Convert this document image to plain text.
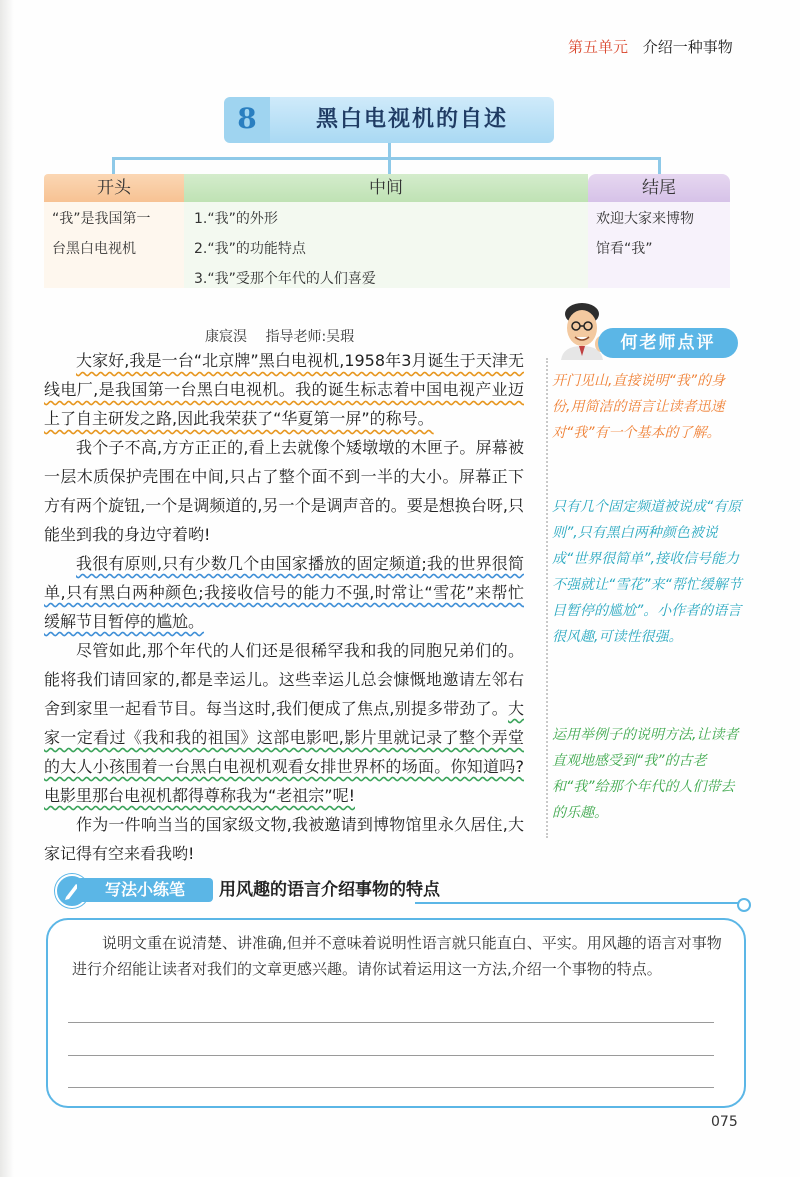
第五单元 介绍一种事物
8	黑白电视机的自述
开头	中间	结尾
“我”是我国第一
台黑白电视机
1.“我”的外形
2.“我”的功能特点
3.“我”受那个年代的人们喜爱
欢迎大家来博物
馆看“我”
康宸淏 指导老师:吴瑕

大家好,我是一台“北京牌”黑白电视机,1958年3月诞生于天津无线电厂,是我国第一台黑白电视机。我的诞生标志着中国电视产业迈上了自主研发之路,因此我荣获了“华夏第一屏”的称号。

我个子不高,方方正正的,看上去就像个矮墩墩的木匣子。屏幕被一层木质保护壳围在中间,只占了整个面不到一半的大小。屏幕正下方有两个旋钮,一个是调频道的,另一个是调声音的。要是想换台呀,只能坐到我的身边守着哟!

我很有原则,只有少数几个由国家播放的固定频道;我的世界很简单,只有黑白两种颜色;我接收信号的能力不强,时常让“雪花”来帮忙缓解节目暂停的尴尬。

尽管如此,那个年代的人们还是很稀罕我和我的同胞兄弟们的。能将我们请回家的,都是幸运儿。这些幸运儿总会慷慨地邀请左邻右舍到家里一起看节目。每当这时,我们便成了焦点,别提多带劲了。大家一定看过《我和我的祖国》这部电影吧,影片里就记录了整个弄堂的大人小孩围着一台黑白电视机观看女排世界杯的场面。你知道吗?电影里那台电视机都得尊称我为“老祖宗”呢!

作为一件响当当的国家级文物,我被邀请到博物馆里永久居住,大家记得有空来看我哟!

何老师点评
开门见山,直接说明“我”的身份,用简洁的语言让读者迅速对“我”有一个基本的了解。
只有几个固定频道被说成“有原则”,只有黑白两种颜色被说成“世界很简单”,接收信号能力不强就让“雪花”来“帮忙缓解节目暂停的尴尬”。小作者的语言很风趣,可读性很强。
运用举例子的说明方法,让读者直观地感受到“我”的古老和“我”给那个年代的人们带去的乐趣。
写法小练笔	用风趣的语言介绍事物的特点
说明文重在说清楚、讲准确,但并不意味着说明性语言就只能直白、平实。用风趣的语言对事物进行介绍能让读者对我们的文章更感兴趣。请你试着运用这一方法,介绍一个事物的特点。
075
